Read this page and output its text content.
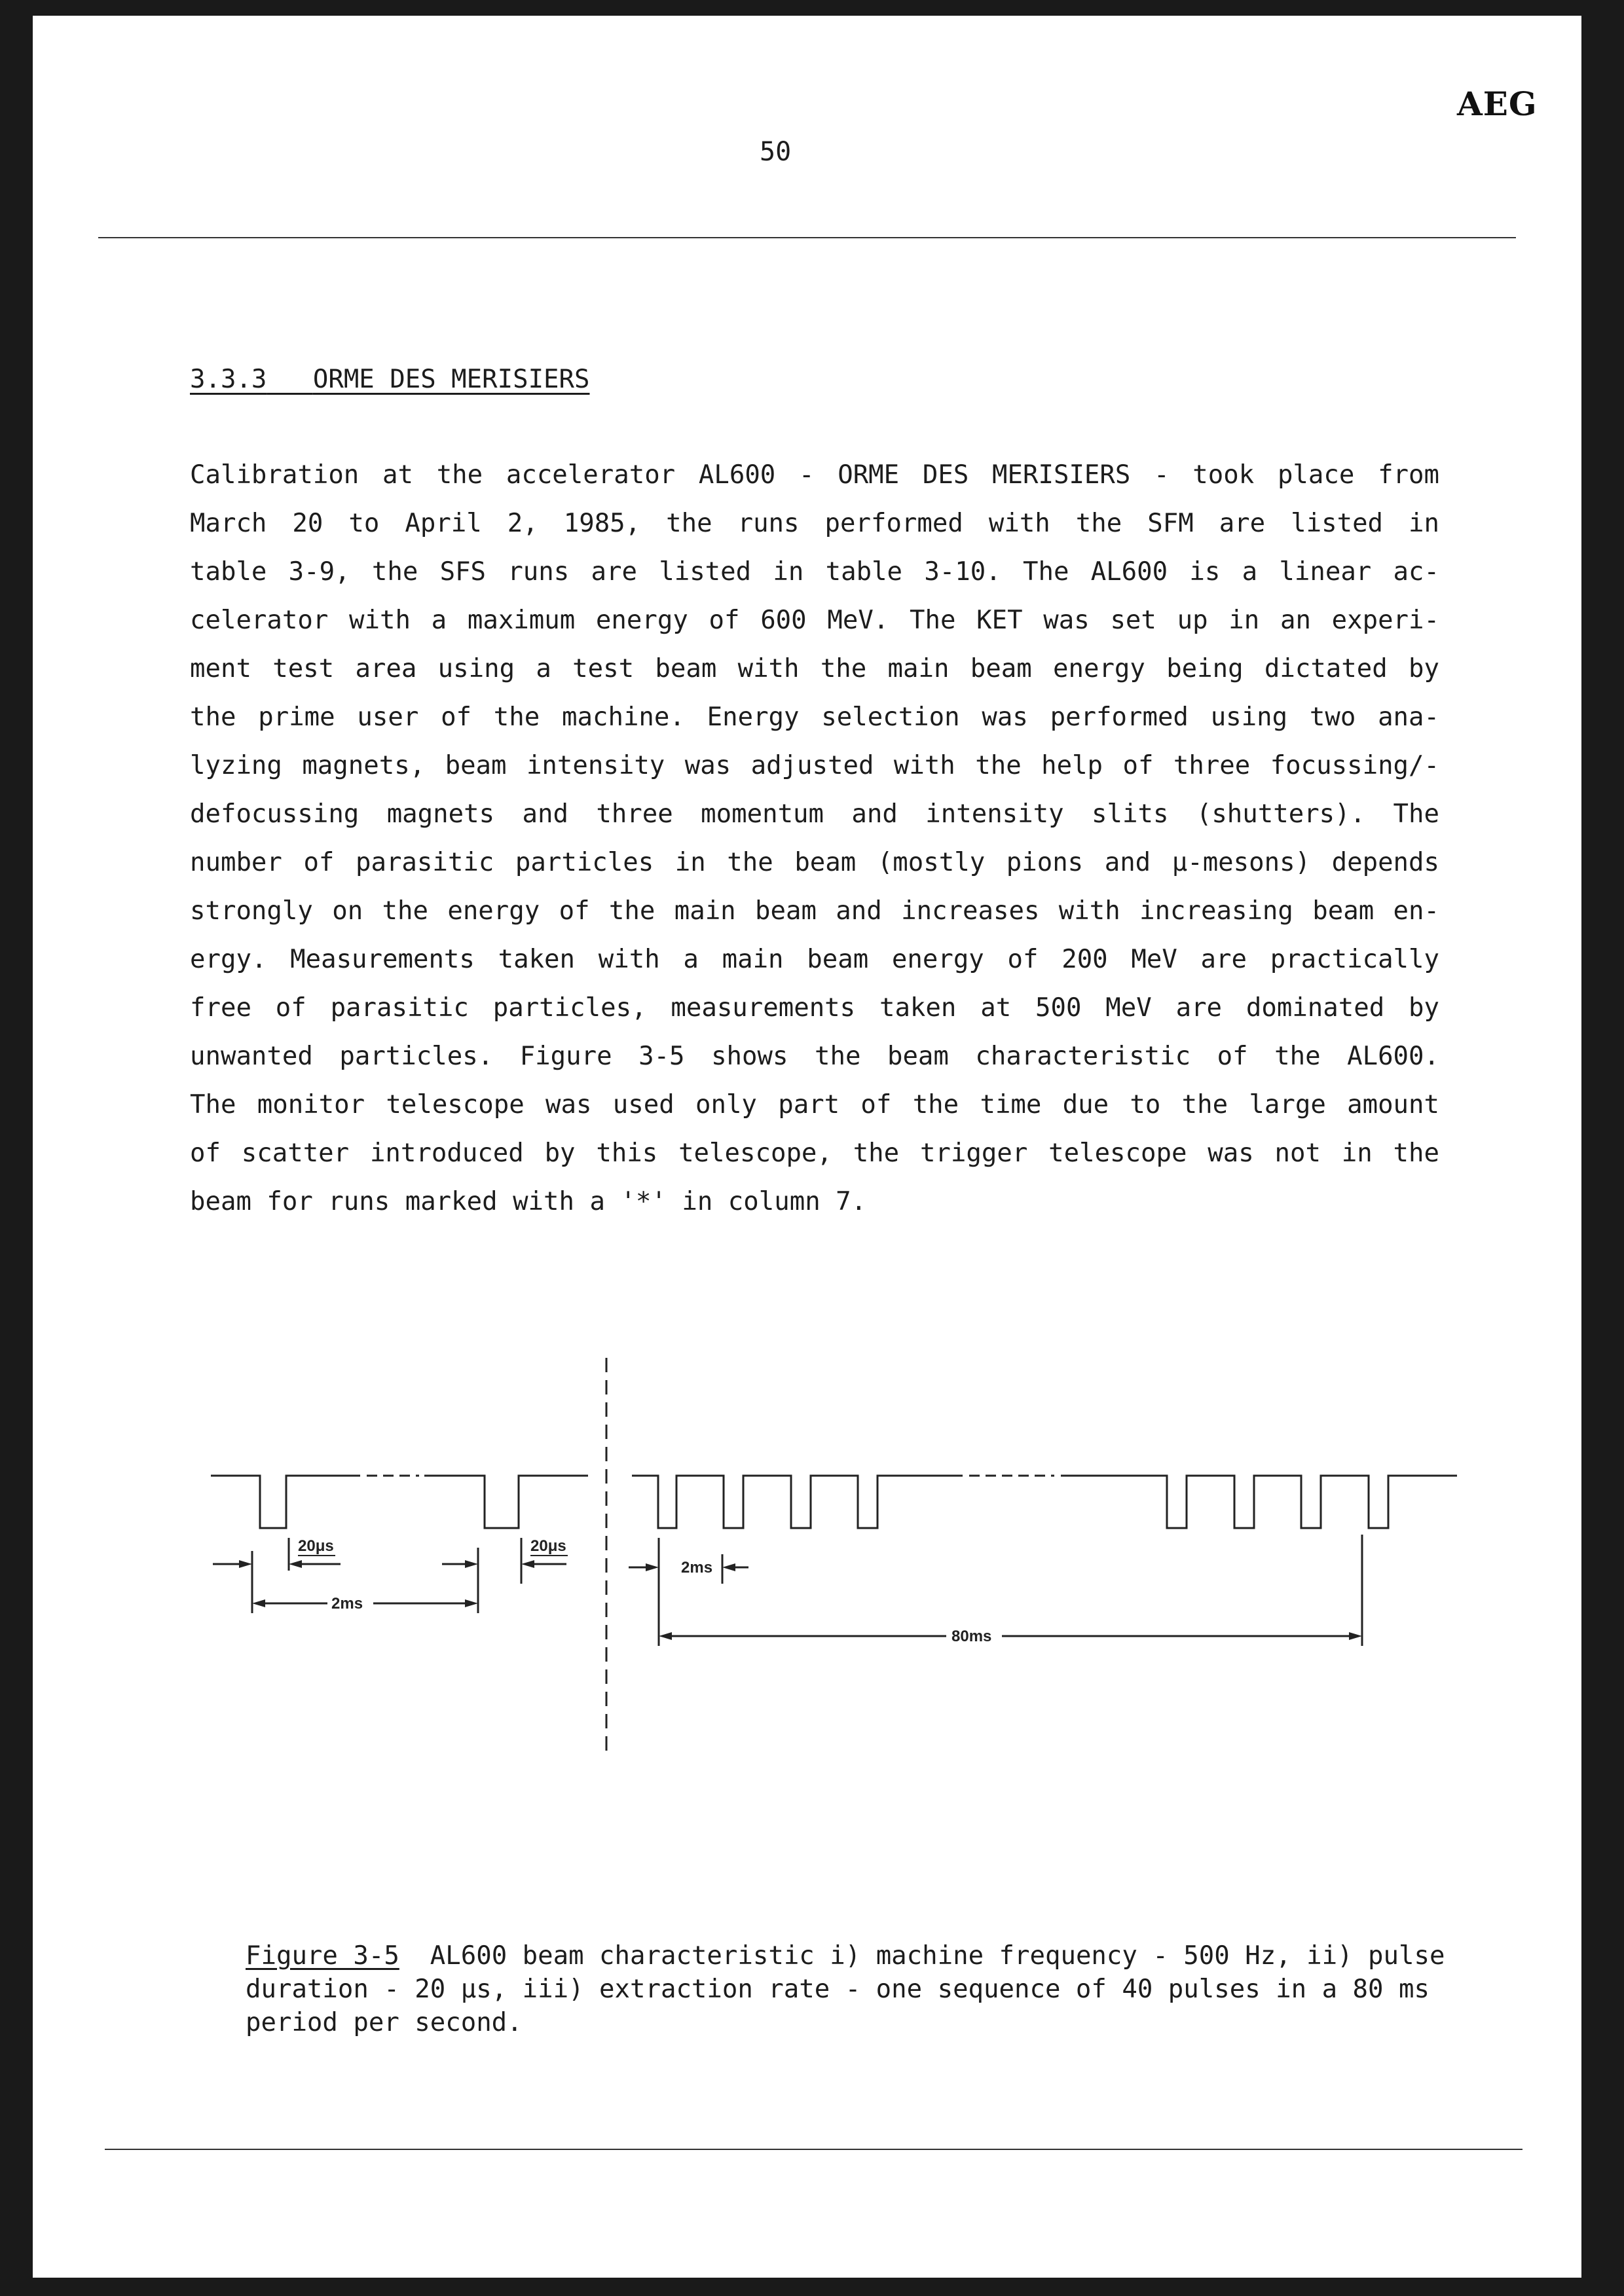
AEG
50
3.3.3 ORME DES MERISIERS
Calibration at the accelerator AL600 - ORME DES MERISIERS - took place from
March 20 to April 2, 1985, the runs performed with the SFM are listed in
table 3-9, the SFS runs are listed in table 3-10. The AL600 is a linear ac-
celerator with a maximum energy of 600 MeV. The KET was set up in an experi-
ment test area using a test beam with the main beam energy being dictated by
the prime user of the machine. Energy selection was performed using two ana-
lyzing magnets, beam intensity was adjusted with the help of three focussing/-
defocussing magnets and three momentum and intensity slits (shutters). The
number of parasitic particles in the beam (mostly pions and μ-mesons) depends
strongly on the energy of the main beam and increases with increasing beam en-
ergy. Measurements taken with a main beam energy of 200 MeV are practically
free of parasitic particles, measurements taken at 500 MeV are dominated by
unwanted particles. Figure 3-5 shows the beam characteristic of the AL600.
The monitor telescope was used only part of the time due to the large amount
of scatter introduced by this telescope, the trigger telescope was not in the
beam for runs marked with a '*' in column 7.
20μs
2ms
20μs
2ms
80ms
Figure 3-5 AL600 beam characteristic i) machine frequency - 500 Hz, ii) pulse duration - 20 μs, iii) extraction rate - one sequence of 40 pulses in a 80 ms period per second.
